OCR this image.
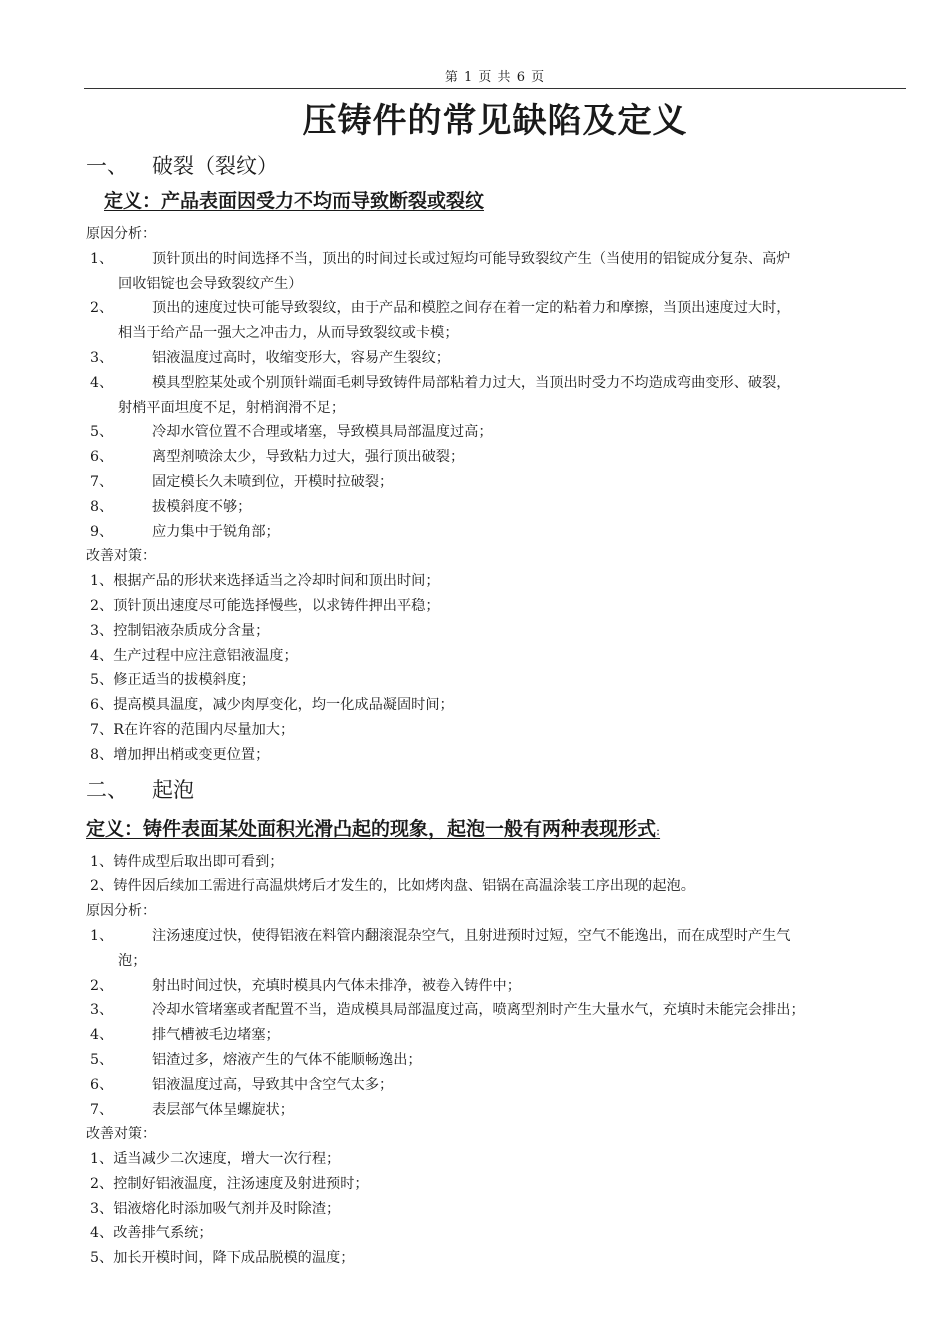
第 1 页 共 6 页
压铸件的常见缺陷及定义
一、	破裂（裂纹）
定义：产品表面因受力不均而导致断裂或裂纹
原因分析：
1、	顶针顶出的时间选择不当，顶出的时间过长或过短均可能导致裂纹产生（当使用的铝锭成分复杂、高炉
回收铝锭也会导致裂纹产生）
2、	顶出的速度过快可能导致裂纹，由于产品和模腔之间存在着一定的粘着力和摩擦，当顶出速度过大时，
相当于给产品一强大之冲击力，从而导致裂纹或卡模；
3、	铝液温度过高时，收缩变形大，容易产生裂纹；
4、	模具型腔某处或个别顶针端面毛刺导致铸件局部粘着力过大，当顶出时受力不均造成弯曲变形、破裂，
射梢平面坦度不足，射梢润滑不足；
5、	冷却水管位置不合理或堵塞，导致模具局部温度过高；
6、	离型剂喷涂太少，导致粘力过大，强行顶出破裂；
7、	固定模长久未喷到位，开模时拉破裂；
8、	拔模斜度不够；
9、	应力集中于锐角部；
改善对策：
1、根据产品的形状来选择适当之冷却时间和顶出时间；
2、顶针顶出速度尽可能选择慢些，以求铸件押出平稳；
3、控制铝液杂质成分含量；
4、生产过程中应注意铝液温度；
5、修正适当的拔模斜度；
6、提高模具温度，减少肉厚变化，均一化成品凝固时间；
7、R在许容的范围内尽量加大；
8、增加押出梢或变更位置；
二、	起泡
定义：铸件表面某处面积光滑凸起的现象，起泡一般有两种表现形式:
1、铸件成型后取出即可看到；
2、铸件因后续加工需进行高温烘烤后才发生的，比如烤肉盘、铝锅在高温涂装工序出现的起泡。
原因分析：
1、	注汤速度过快，使得铝液在料管内翻滚混杂空气，且射进预时过短，空气不能逸出，而在成型时产生气
泡；
2、	射出时间过快，充填时模具内气体未排净，被卷入铸件中；
3、	冷却水管堵塞或者配置不当，造成模具局部温度过高，喷离型剂时产生大量水气，充填时未能完会排出；
4、	排气槽被毛边堵塞；
5、	铝渣过多，熔液产生的气体不能顺畅逸出；
6、	铝液温度过高，导致其中含空气太多；
7、	表层部气体呈螺旋状；
改善对策：
1、适当减少二次速度，增大一次行程；
2、控制好铝液温度，注汤速度及射进预时；
3、铝液熔化时添加吸气剂并及时除渣；
4、改善排气系统；
5、加长开模时间，降下成品脱模的温度；
